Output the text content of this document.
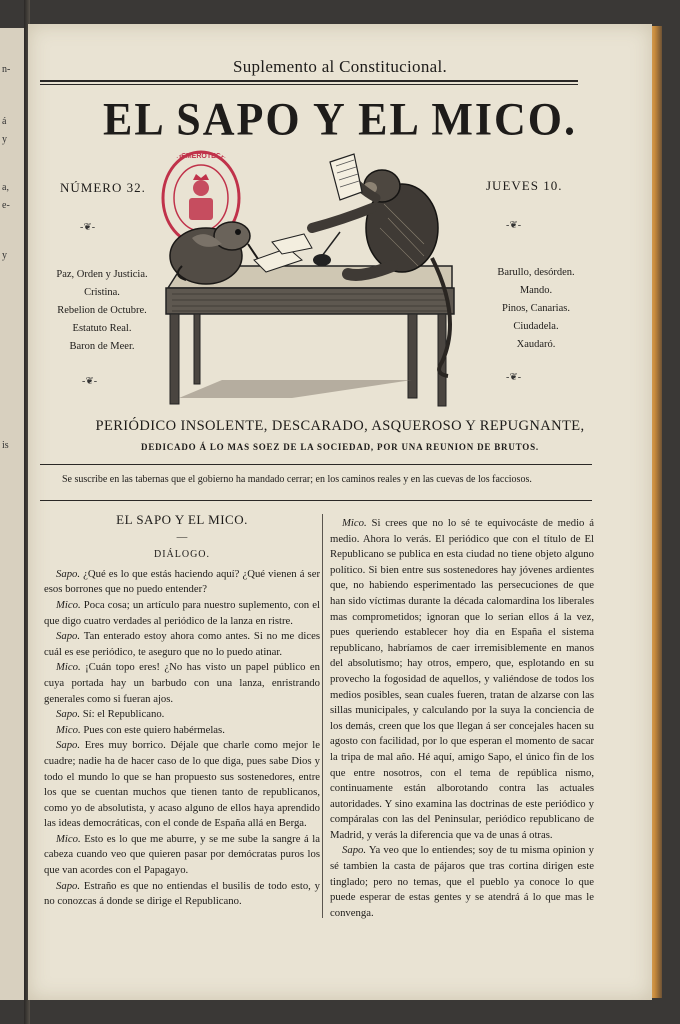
n-
á
y
a,
e-
y
is
Suplemento al Constitucional.
EL SAPO Y EL MICO.
NÚMERO 32.	JUEVES 10.
-❦-	-❦-
HEMEROTECA
Paz, Orden y Justicia.
Cristina.
Rebelion de Octubre.
Estatuto Real.
Baron de Meer.
Barullo, desórden.
Mando.
Pinos, Canarias.
Ciudadela.
Xaudaró.
-❦-	-❦-
PERIÓDICO INSOLENTE, DESCARADO, ASQUEROSO Y REPUGNANTE,
DEDICADO Á LO MAS SOEZ DE LA SOCIEDAD, POR UNA REUNION DE BRUTOS.
Se suscribe en las tabernas que el gobierno ha mandado cerrar; en los caminos reales y en las cuevas de los facciosos.

EL SAPO Y EL MICO.

—

DIÁLOGO.

Sapo. ¿Qué es lo que estás haciendo aquí? ¿Qué vienen á ser esos borrones que no puedo entender?

Mico. Poca cosa; un artículo para nuestro suplemento, con el que digo cuatro verdades al periódico de la lanza en ristre.

Sapo. Tan enterado estoy ahora como antes. Si no me dices cuál es ese periódico, te aseguro que no lo puedo atinar.

Mico. ¡Cuán topo eres! ¿No has visto un papel público en cuya portada hay un barbudo con una lanza, enristrando generales como si fueran ajos.

Sapo. Sí: el Republicano.

Mico. Pues con este quiero habérmelas.

Sapo. Eres muy borrico. Déjale que charle como mejor le cuadre; nadie ha de hacer caso de lo que diga, pues sabe Dios y todo el mundo lo que se han propuesto sus sostenedores, entre los que se cuentan muchos que tienen tanto de republicanos, como yo de absolutista, y acaso alguno de ellos haya aprendido las ideas democráticas, con el conde de España allá en Berga.

Mico. Esto es lo que me aburre, y se me sube la sangre á la cabeza cuando veo que quieren pasar por demócratas puros los que van acordes con el Papagayo.

Sapo. Estraño es que no entiendas el busilis de todo esto, y no conozcas á donde se dirige el Republicano.

Mico. Si crees que no lo sé te equivocáste de medio á medio. Ahora lo verás. El periódico que con el título de El Republicano se publica en esta ciudad no tiene objeto alguno político. Si bien entre sus sostenedores hay jóvenes ardientes que, no habiendo esperimentado las persecuciones de que han sido víctimas durante la década calomardina los liberales mas comprometidos; ignoran que lo serian ellos á la vez, pues queriendo establecer hoy dia en España el sistema republicano, habríamos de caer irremisiblemente en manos del absolutismo; hay otros, empero, que, esplotando en su provecho la fogosidad de aquellos, y valiéndose de todos los medios posibles, sean cuales fueren, tratan de alzarse con las sillas municipales, y calculando por la suya la conciencia de los demás, creen que los que llegan á ser concejales hacen su agosto con facilidad, por lo que esperan el momento de sacar la tripa de mal año. Hé aquí, amigo Sapo, el único fin de los que entre nosotros, con el tema de república nismo, continuamente están alborotando contra las actuales autoridades. Y sino examina las doctrinas de este periódico y compáralas con las del Peninsular, periódico republicano de Madrid, y verás la diferencia que va de unas á otras.

Sapo. Ya veo que lo entiendes; soy de tu misma opinion y sé tambien la casta de pájaros que tras cortina dirigen este tinglado; pero no temas, que el pueblo ya conoce lo que puede esperar de estas gentes y se atendrá á lo que mas le convenga.
